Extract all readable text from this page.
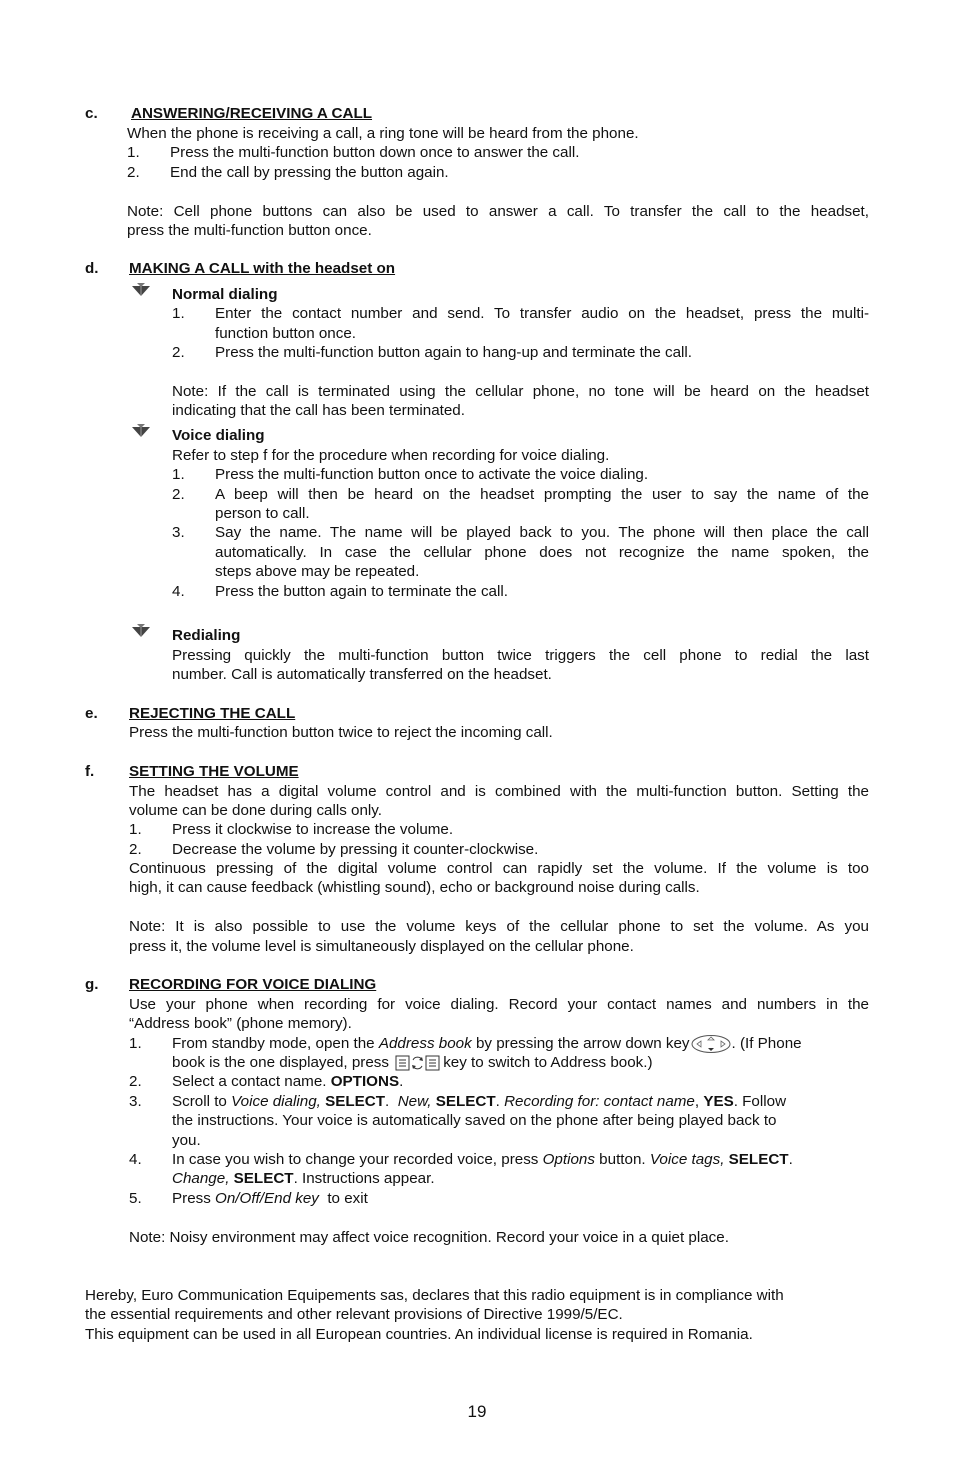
c. ANSWERING/RECEIVING A CALL
When the phone is receiving a call, a ring tone will be heard from the phone.
1. Press the multi-function button down once to answer the call.
2. End the call by pressing the button again.
Note: Cell phone buttons can also be used to answer a call. To transfer the call to the headset,
press the multi-function button once.
d. MAKING A CALL with the headset on
Normal dialing
1. Enter the contact number and send. To transfer audio on the headset, press the multi-
function button once.
2. Press the multi-function button again to hang-up and terminate the call.
Note: If the call is terminated using the cellular phone, no tone will be heard on the headset
indicating that the call has been terminated.
Voice dialing
Refer to step f for the procedure when recording for voice dialing.
1. Press the multi-function button once to activate the voice dialing.
2. A beep will then be heard on the headset prompting the user to say the name of the
person to call.
3. Say the name. The name will be played back to you. The phone will then place the call
automatically. In case the cellular phone does not recognize the name spoken, the
steps above may be repeated.
4. Press the button again to terminate the call.
Redialing
Pressing quickly the multi-function button twice triggers the cell phone to redial the last
number. Call is automatically transferred on the headset.
e. REJECTING THE CALL
Press the multi-function button twice to reject the incoming call.
f. SETTING THE VOLUME
The headset has a digital volume control and is combined with the multi-function button. Setting the
volume can be done during calls only.
1. Press it clockwise to increase the volume.
2. Decrease the volume by pressing it counter-clockwise.
Continuous pressing of the digital volume control can rapidly set the volume. If the volume is too
high, it can cause feedback (whistling sound), echo or background noise during calls.
Note: It is also possible to use the volume keys of the cellular phone to set the volume. As you
press it, the volume level is simultaneously displayed on the cellular phone.
g. RECORDING FOR VOICE DIALING
Use your phone when recording for voice dialing. Record your contact names and numbers in the
“Address book” (phone memory).
1. From standby mode, open the Address book by pressing the arrow down key	. (If Phone
book is the one displayed, press	key to switch to Address book.)
2. Select a contact name. OPTIONS.
3. Scroll to Voice dialing, SELECT.  New, SELECT. Recording for: contact name, YES. Follow
the instructions. Your voice is automatically saved on the phone after being played back to
you.
4. In case you wish to change your recorded voice, press Options button. Voice tags, SELECT.
Change, SELECT. Instructions appear.
5. Press On/Off/End key  to exit
Note: Noisy environment may affect voice recognition. Record your voice in a quiet place.
Hereby, Euro Communication Equipements sas, declares that this radio equipment is in compliance with
the essential requirements and other relevant provisions of Directive 1999/5/EC.
This equipment can be used in all European countries. An individual license is required in Romania.
19
